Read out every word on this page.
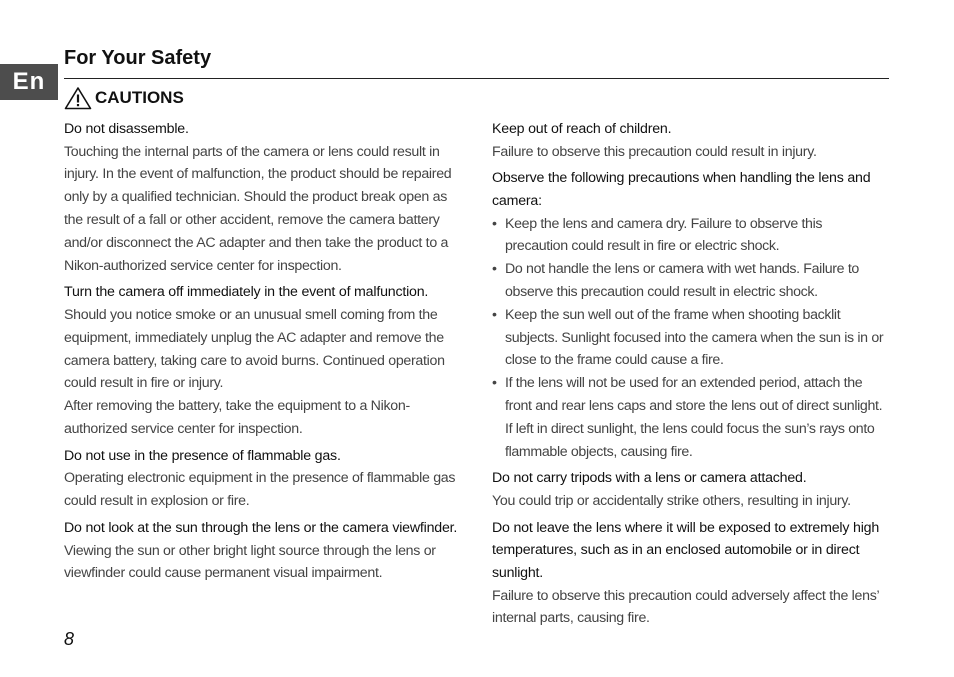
En
For Your Safety
CAUTIONS
Do not disassemble.
Touching the internal parts of the camera or lens could result in injury. In the event of malfunction, the product should be repaired only by a qualified technician. Should the product break open as the result of a fall or other accident, remove the camera battery and/or disconnect the AC adapter and then take the product to a Nikon-authorized service center for inspection.
Turn the camera off immediately in the event of malfunction.
Should you notice smoke or an unusual smell coming from the equipment, immediately unplug the AC adapter and remove the camera battery, taking care to avoid burns. Continued operation could result in fire or injury.
After removing the battery, take the equipment to a Nikon-authorized service center for inspection.
Do not use in the presence of flammable gas.
Operating electronic equipment in the presence of flammable gas could result in explosion or fire.
Do not look at the sun through the lens or the camera viewfinder.
Viewing the sun or other bright light source through the lens or viewfinder could cause permanent visual impairment.
Keep out of reach of children.
Failure to observe this precaution could result in injury.
Observe the following precautions when handling the lens and camera:
• Keep the lens and camera dry. Failure to observe this precaution could result in fire or electric shock.
• Do not handle the lens or camera with wet hands. Failure to observe this precaution could result in electric shock.
• Keep the sun well out of the frame when shooting backlit subjects. Sunlight focused into the camera when the sun is in or close to the frame could cause a fire.
• If the lens will not be used for an extended period, attach the front and rear lens caps and store the lens out of direct sunlight. If left in direct sunlight, the lens could focus the sun’s rays onto flammable objects, causing fire.
Do not carry tripods with a lens or camera attached.
You could trip or accidentally strike others, resulting in injury.
Do not leave the lens where it will be exposed to extremely high temperatures, such as in an enclosed automobile or in direct sunlight.
Failure to observe this precaution could adversely affect the lens’ internal parts, causing fire.
8
